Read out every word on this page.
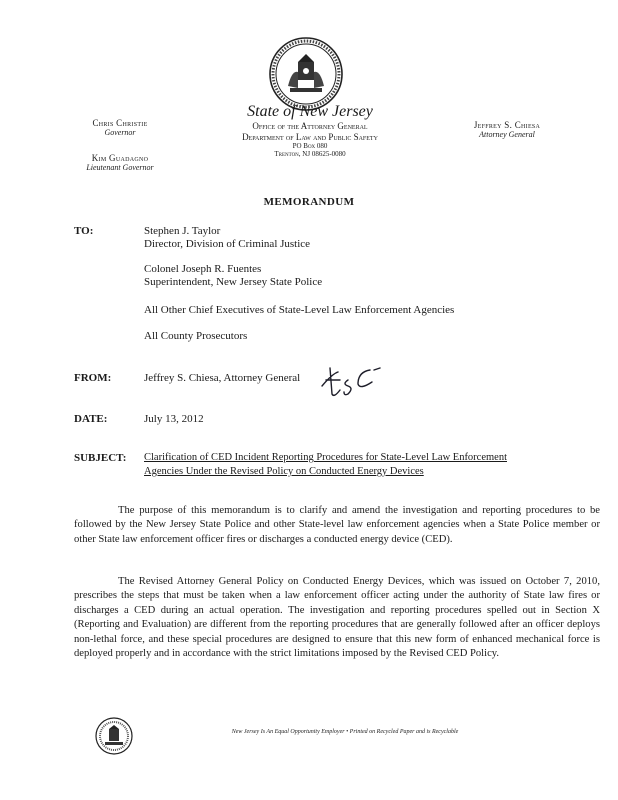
Chris Christie
Governor
Kim Guadagno
Lieutenant Governor
State of New Jersey
Office of the Attorney General
Department of Law and Public Safety
PO Box 080
Trenton, NJ 08625-0080
Jeffrey S. Chiesa
Attorney General
MEMORANDUM
TO:	Stephen J. Taylor
Director, Division of Criminal Justice
Colonel Joseph R. Fuentes
Superintendent, New Jersey State Police
All Other Chief Executives of State-Level Law Enforcement Agencies
All County Prosecutors
FROM:	Jeffrey S. Chiesa, Attorney General
DATE:	July 13, 2012
SUBJECT: Clarification of CED Incident Reporting Procedures for State-Level Law Enforcement
Agencies Under the Revised Policy on Conducted Energy Devices
The purpose of this memorandum is to clarify and amend the investigation and reporting procedures to be followed by the New Jersey State Police and other State-level law enforcement agencies when a State Police member or other State law enforcement officer fires or discharges a conducted energy device (CED).
The Revised Attorney General Policy on Conducted Energy Devices, which was issued on October 7, 2010, prescribes the steps that must be taken when a law enforcement officer acting under the authority of State law fires or discharges a CED during an actual operation. The investigation and reporting procedures spelled out in Section X (Reporting and Evaluation) are different from the reporting procedures that are generally followed after an officer deploys non-lethal force, and these special procedures are designed to ensure that this new form of enhanced mechanical force is deployed properly and in accordance with the strict limitations imposed by the Revised CED Policy.
New Jersey Is An Equal Opportunity Employer • Printed on Recycled Paper and is Recyclable
